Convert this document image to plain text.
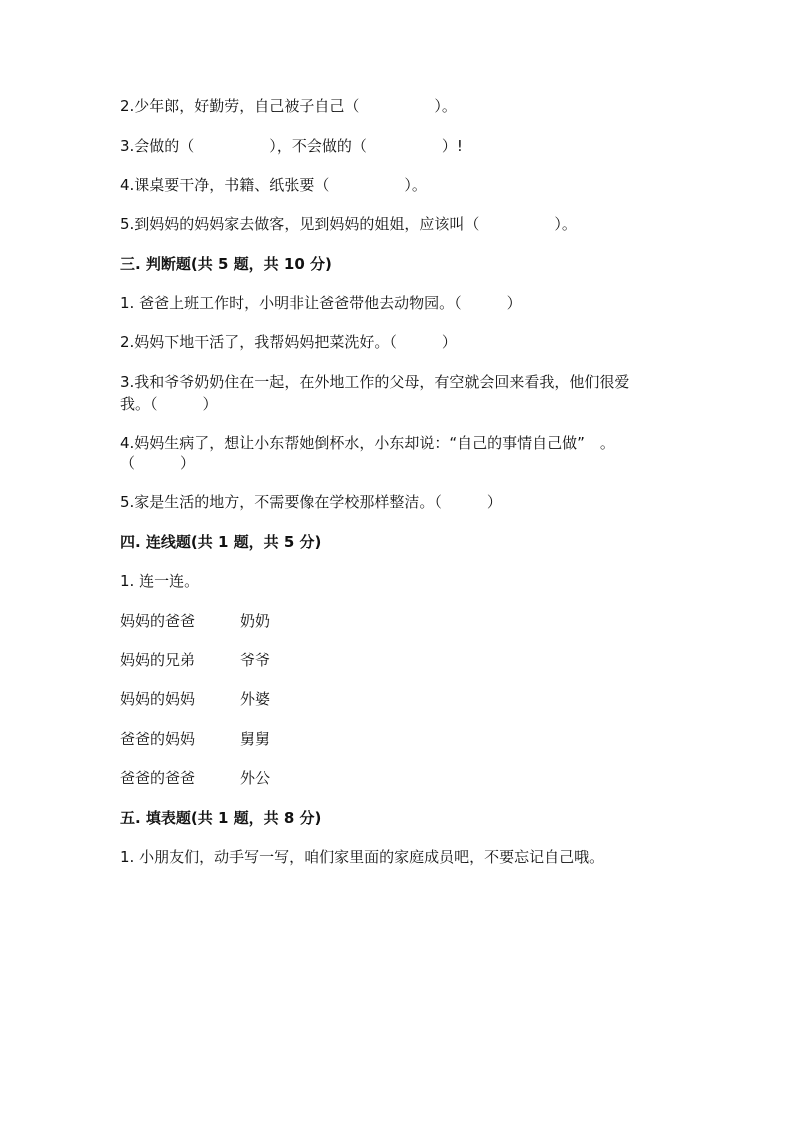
2.少年郎，好勤劳，自己被子自己（　　　　　）。
3.会做的（　　　　　），不会做的（　　　　　）!
4.课桌要干净，书籍、纸张要（　　　　　）。
5.到妈妈的妈妈家去做客，见到妈妈的姐姐，应该叫（　　　　　）。
三. 判断题(共 5 题，共 10 分)
1. 爸爸上班工作时，小明非让爸爸带他去动物园。（　　　）
2.妈妈下地干活了，我帮妈妈把菜洗好。（　　　）
3.我和爷爷奶奶住在一起，在外地工作的父母，有空就会回来看我，他们很爱
我。（　　　）
4.妈妈生病了，想让小东帮她倒杯水，小东却说：“自己的事情自己做”　。
（　　　）
5.家是生活的地方，不需要像在学校那样整洁。（　　　）
四. 连线题(共 1 题，共 5 分)
1. 连一连。
妈妈的爸爸	奶奶
妈妈的兄弟	爷爷
妈妈的妈妈	外婆
爸爸的妈妈	舅舅
爸爸的爸爸	外公
五. 填表题(共 1 题，共 8 分)
1. 小朋友们，动手写一写，咱们家里面的家庭成员吧，不要忘记自己哦。
